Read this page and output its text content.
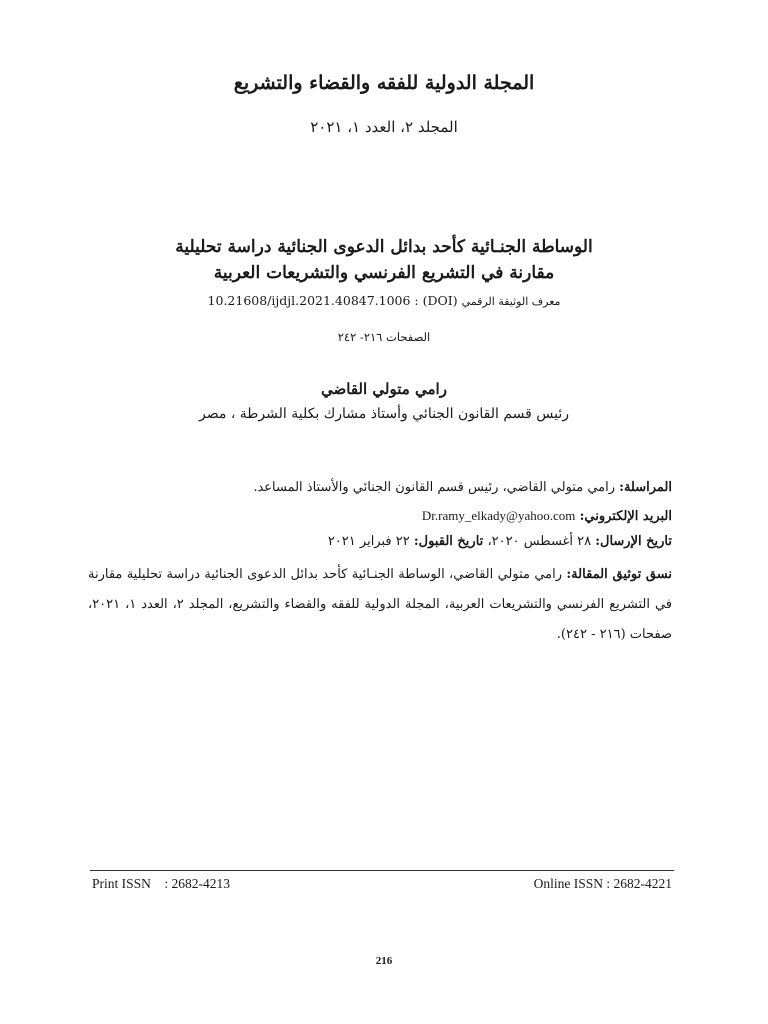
المجلة الدولية للفقه والقضاء والتشريع
المجلد ٢، العدد ١، ٢٠٢١
الوساطة الجنـائية كأحد بدائل الدعوى الجنائية دراسة تحليلية
مقارنة في التشريع الفرنسي والتشريعات العربية
10.21608/ijdjl.2021.40847.1006 : (DOI) معرف الوثيقة الرقمي
الصفحات ٢١٦- ٢٤٢
رامي متولي القاضي
رئيس قسم القانون الجنائي وأستاذ مشارك بكلية الشرطة ، مصر
المراسلة: رامي متولي القاضي، رئيس قسم القانون الجنائي والأستاذ المساعد.
البريد الإلكتروني: Dr.ramy_elkady@yahoo.com
تاريخ الإرسال: ٢٨ أغسطس ٢٠٢٠، تاريخ القبول: ٢٢ فبراير ٢٠٢١
نسق توثيق المقالة: رامي متولي القاضي، الوساطة الجنـائية كأحد بدائل الدعوى الجنائية دراسة تحليلية مقارنة في التشريع الفرنسي والتشريعات العربية، المجلة الدولية للفقه والقضاء والتشريع، المجلد ٢، العدد ١، ٢٠٢١، صفحات (٢١٦ - ٢٤٢).
Print ISSN    : 2682-4213	Online ISSN : 2682-4221
216
